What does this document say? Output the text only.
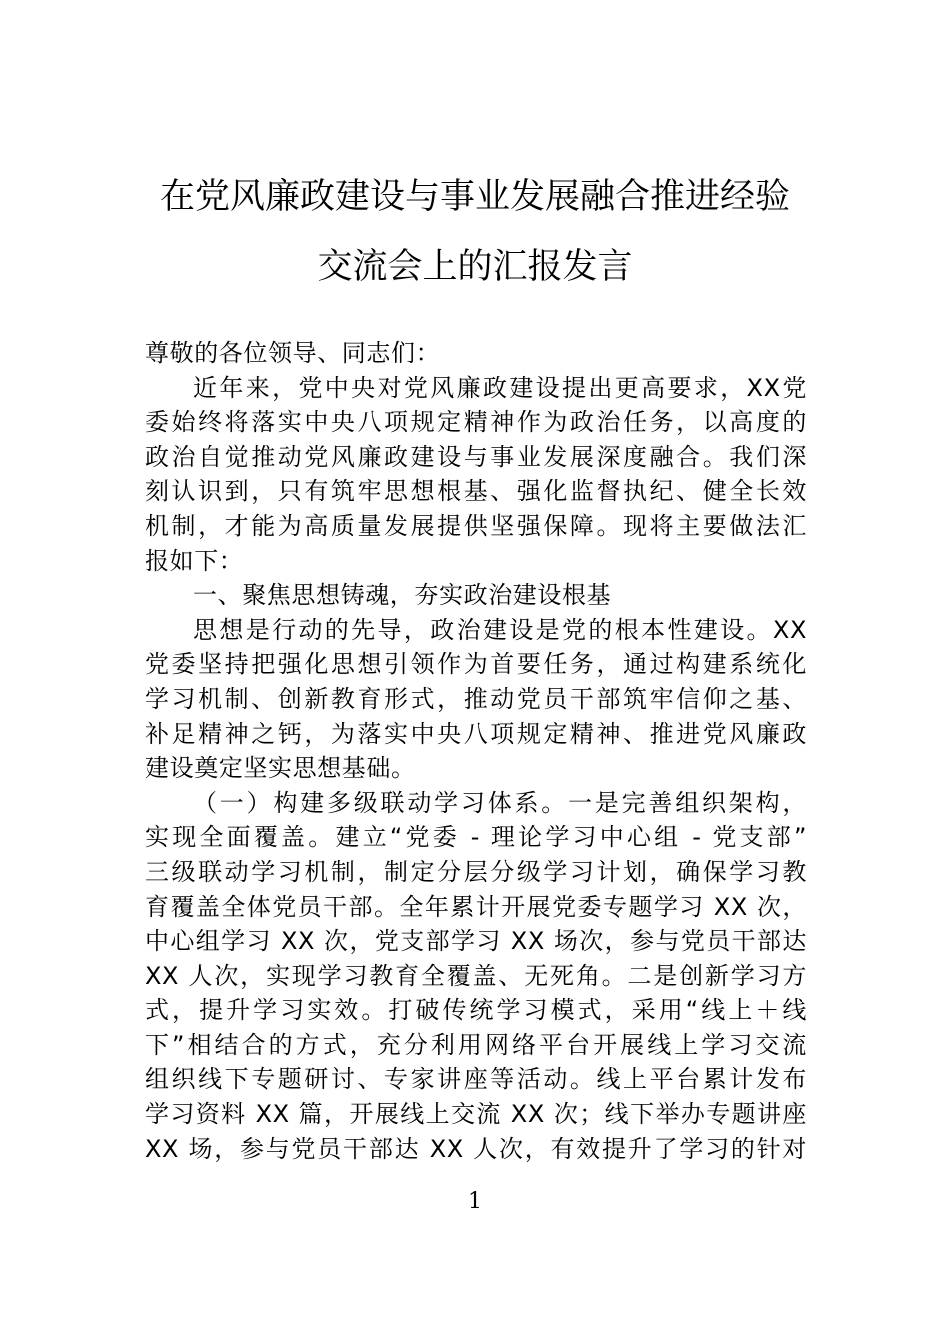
在党风廉政建设与事业发展融合推进经验
交流会上的汇报发言
尊敬的各位领导、同志们：
近年来，党中央对党风廉政建设提出更高要求，XX党
委始终将落实中央八项规定精神作为政治任务，以高度的
政治自觉推动党风廉政建设与事业发展深度融合。我们深
刻认识到，只有筑牢思想根基、强化监督执纪、健全长效
机制，才能为高质量发展提供坚强保障。现将主要做法汇
报如下：
一、聚焦思想铸魂，夯实政治建设根基
思想是行动的先导，政治建设是党的根本性建设。XX
党委坚持把强化思想引领作为首要任务，通过构建系统化
学习机制、创新教育形式，推动党员干部筑牢信仰之基、
补足精神之钙，为落实中央八项规定精神、推进党风廉政
建设奠定坚实思想基础。
（一）构建多级联动学习体系。一是完善组织架构，
实现全面覆盖。建立“党委 - 理论学习中心组 - 党支部”
三级联动学习机制，制定分层分级学习计划，确保学习教
育覆盖全体党员干部。全年累计开展党委专题学习 XX 次，
中心组学习 XX 次，党支部学习 XX 场次，参与党员干部达
XX 人次，实现学习教育全覆盖、无死角。二是创新学习方
式，提升学习实效。打破传统学习模式，采用“线上＋线
下”相结合的方式，充分利用网络平台开展线上学习交流
组织线下专题研讨、专家讲座等活动。线上平台累计发布
学习资料 XX 篇，开展线上交流 XX 次；线下举办专题讲座
XX 场，参与党员干部达 XX 人次，有效提升了学习的针对
1
